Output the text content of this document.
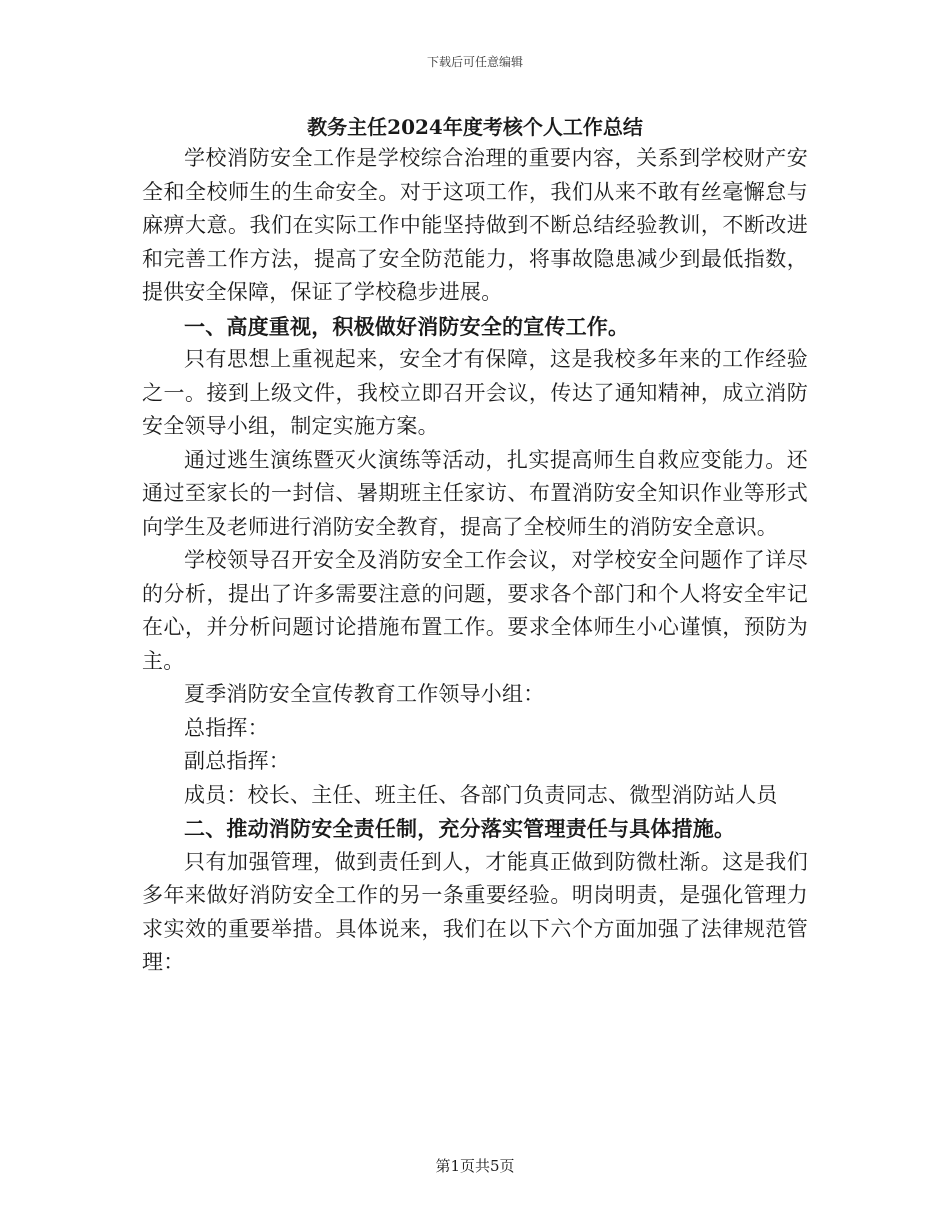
下载后可任意编辑
教务主任2024年度考核个人工作总结

学校消防安全工作是学校综合治理的重要内容，关系到学校财产安全和全校师生的生命安全。对于这项工作，我们从来不敢有丝毫懈怠与麻痹大意。我们在实际工作中能坚持做到不断总结经验教训，不断改进和完善工作方法，提高了安全防范能力，将事故隐患减少到最低指数，提供安全保障，保证了学校稳步进展。

一、高度重视，积极做好消防安全的宣传工作。

只有思想上重视起来，安全才有保障，这是我校多年来的工作经验之一。接到上级文件，我校立即召开会议，传达了通知精神，成立消防安全领导小组，制定实施方案。

通过逃生演练暨灭火演练等活动，扎实提高师生自救应变能力。还通过至家长的一封信、暑期班主任家访、布置消防安全知识作业等形式向学生及老师进行消防安全教育，提高了全校师生的消防安全意识。

学校领导召开安全及消防安全工作会议，对学校安全问题作了详尽的分析，提出了许多需要注意的问题，要求各个部门和个人将安全牢记在心，并分析问题讨论措施布置工作。要求全体师生小心谨慎，预防为主。

夏季消防安全宣传教育工作领导小组：

总指挥：

副总指挥：

成员：校长、主任、班主任、各部门负责同志、微型消防站人员

二、推动消防安全责任制，充分落实管理责任与具体措施。

只有加强管理，做到责任到人，才能真正做到防微杜渐。这是我们多年来做好消防安全工作的另一条重要经验。明岗明责，是强化管理力求实效的重要举措。具体说来，我们在以下六个方面加强了法律规范管理：

第1页共5页
